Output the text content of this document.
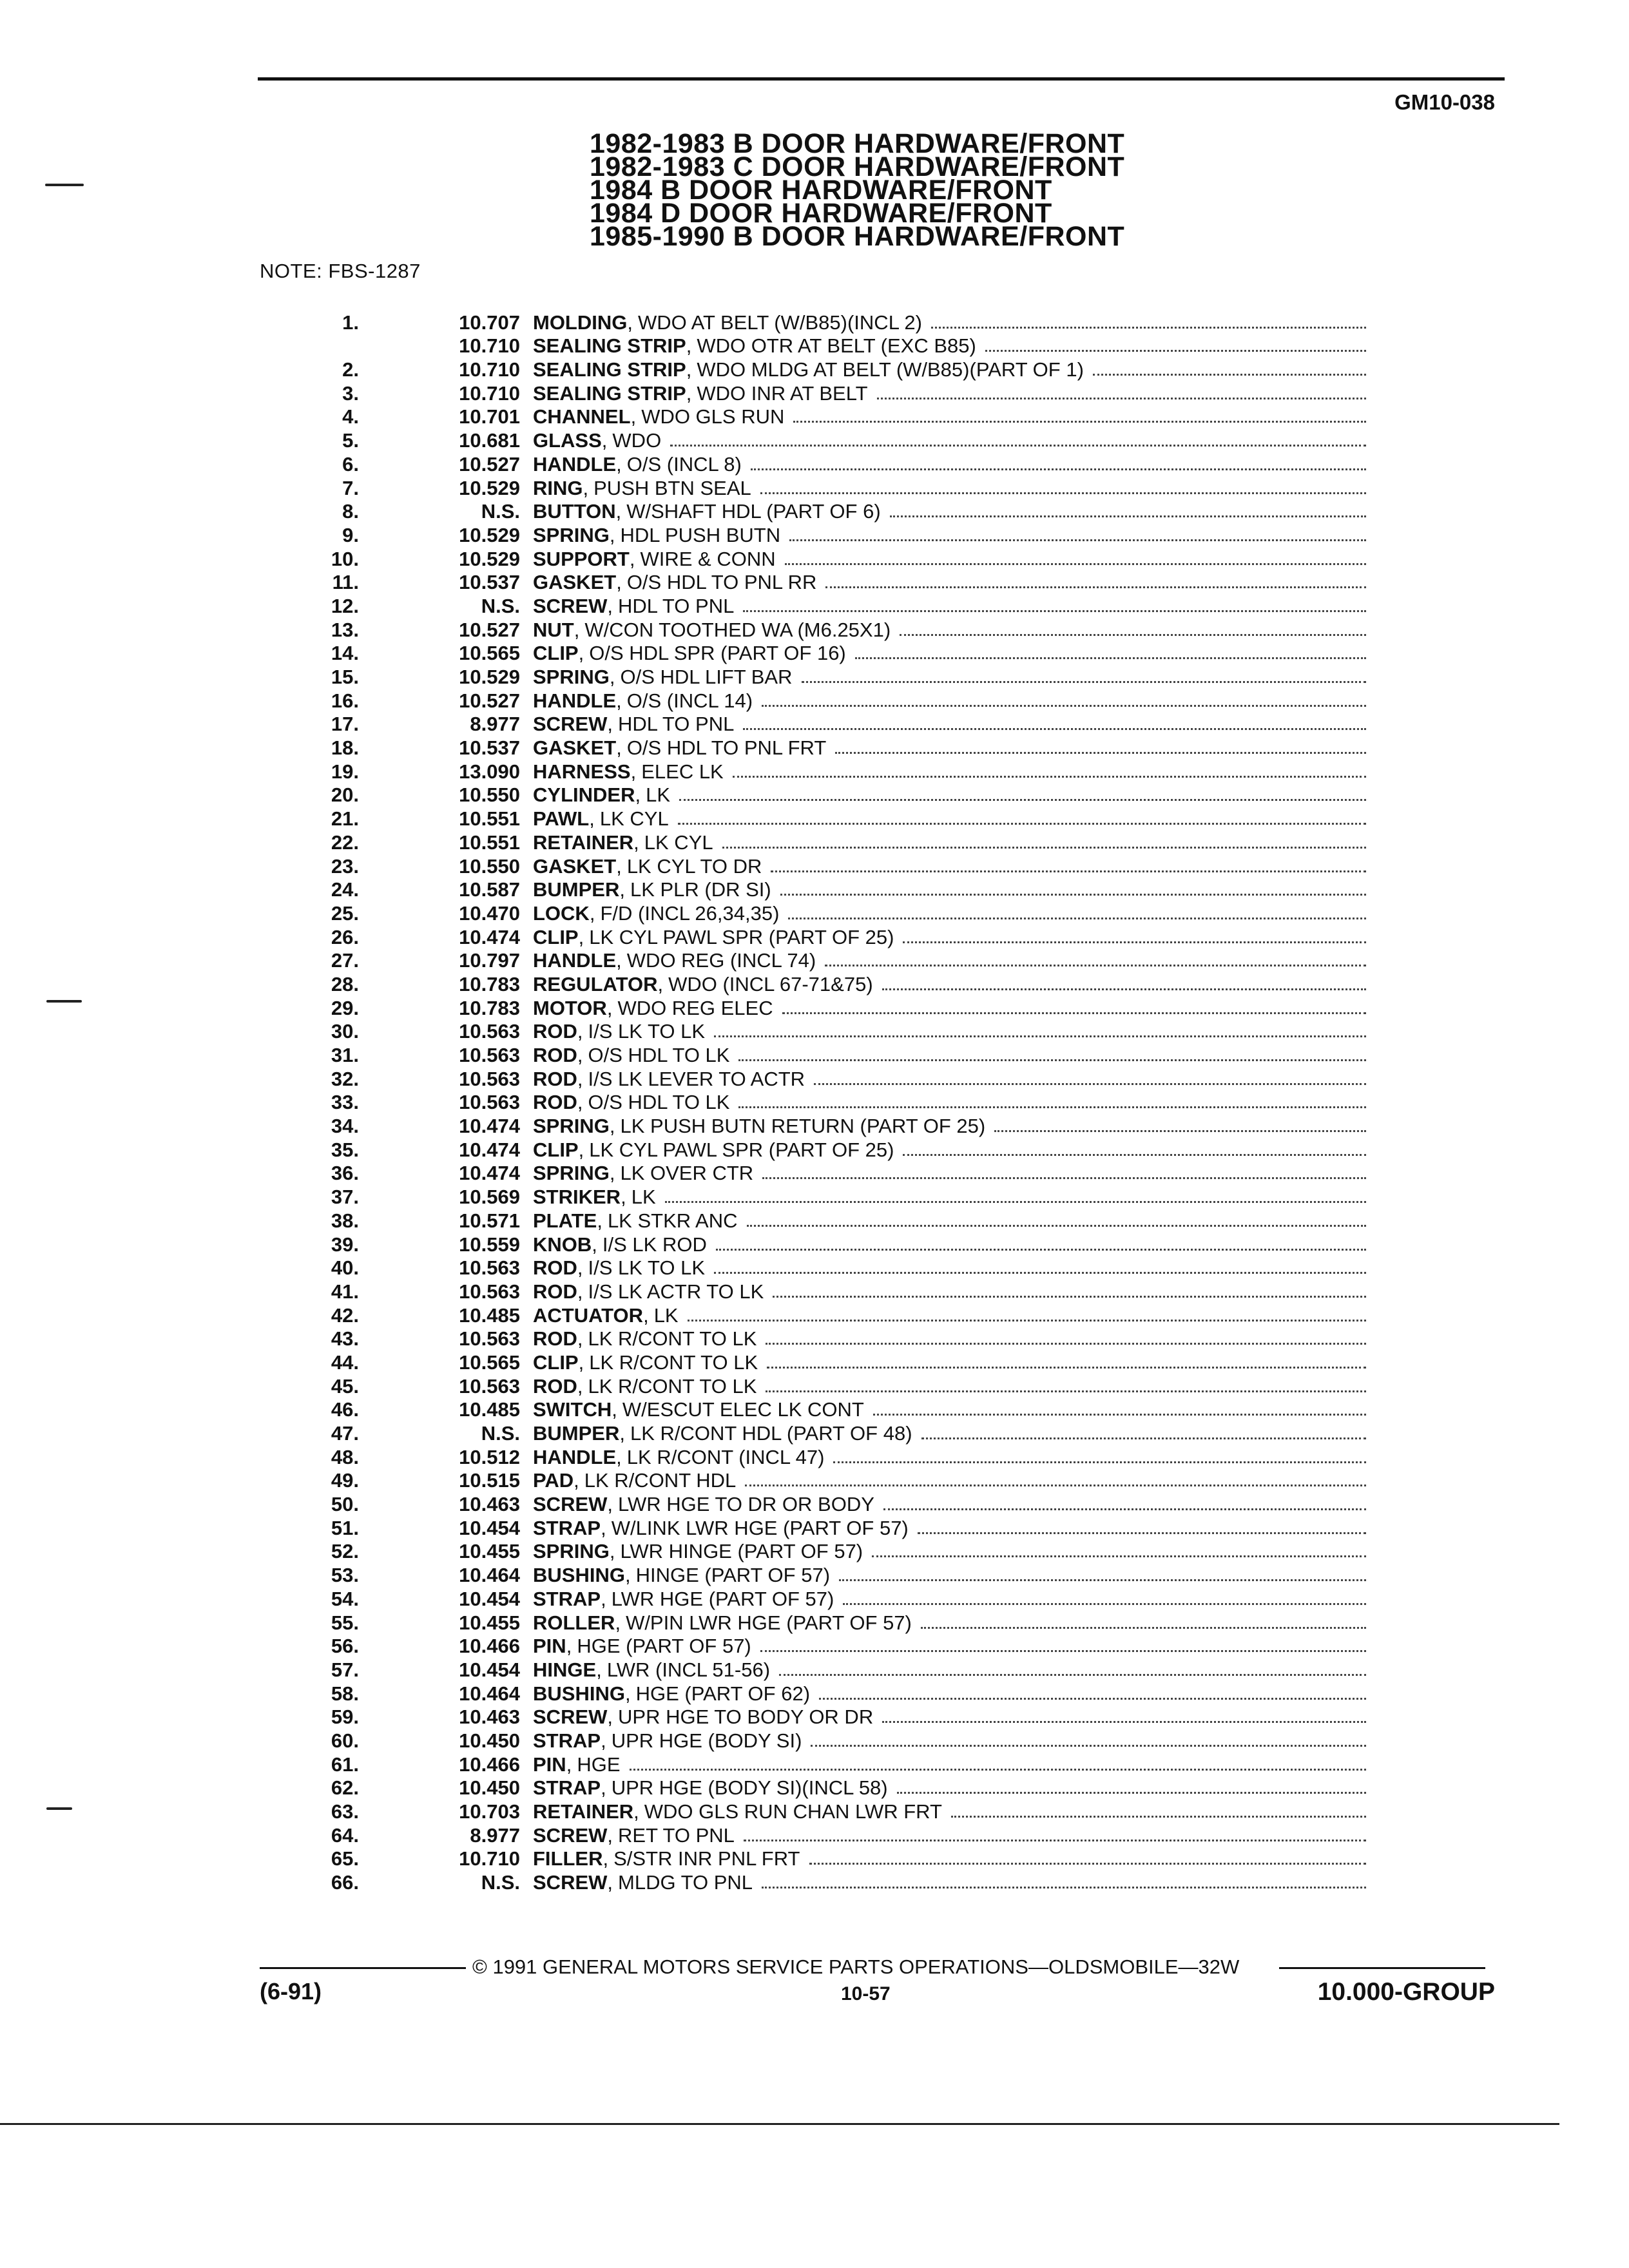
GM10-038
1982-1983 B DOOR HARDWARE/FRONT
1982-1983 C DOOR HARDWARE/FRONT
1984 B DOOR HARDWARE/FRONT
1984 D DOOR HARDWARE/FRONT
1985-1990 B DOOR HARDWARE/FRONT
NOTE: FBS-1287
1.	10.707 MOLDING , WDO AT BELT (W/B85)(INCL 2)
10.710 SEALING STRIP , WDO OTR AT BELT (EXC B85)
2.	10.710 SEALING STRIP , WDO MLDG AT BELT (W/B85)(PART OF 1)
3.	10.710 SEALING STRIP , WDO INR AT BELT
4.	10.701 CHANNEL , WDO GLS RUN
5.	10.681 GLASS , WDO
6.	10.527 HANDLE , O/S (INCL 8)
7.	10.529 RING , PUSH BTN SEAL
8.	N.S. BUTTON , W/SHAFT HDL (PART OF 6)
9.	10.529 SPRING , HDL PUSH BUTN
10.	10.529 SUPPORT , WIRE & CONN
11.	10.537 GASKET , O/S HDL TO PNL RR
12.	N.S. SCREW , HDL TO PNL
13.	10.527 NUT , W/CON TOOTHED WA (M6.25X1)
14.	10.565 CLIP , O/S HDL SPR (PART OF 16)
15.	10.529 SPRING , O/S HDL LIFT BAR
16.	10.527 HANDLE , O/S (INCL 14)
17.	8.977 SCREW , HDL TO PNL
18.	10.537 GASKET , O/S HDL TO PNL FRT
19.	13.090 HARNESS , ELEC LK
20.	10.550 CYLINDER , LK
21.	10.551 PAWL , LK CYL
22.	10.551 RETAINER , LK CYL
23.	10.550 GASKET , LK CYL TO DR
24.	10.587 BUMPER , LK PLR (DR SI)
25.	10.470 LOCK , F/D (INCL 26,34,35)
26.	10.474 CLIP , LK CYL PAWL SPR (PART OF 25)
27.	10.797 HANDLE , WDO REG (INCL 74)
28.	10.783 REGULATOR , WDO (INCL 67-71&75)
29.	10.783 MOTOR , WDO REG ELEC
30.	10.563 ROD , I/S LK TO LK
31.	10.563 ROD , O/S HDL TO LK
32.	10.563 ROD , I/S LK LEVER TO ACTR
33.	10.563 ROD , O/S HDL TO LK
34.	10.474 SPRING , LK PUSH BUTN RETURN (PART OF 25)
35.	10.474 CLIP , LK CYL PAWL SPR (PART OF 25)
36.	10.474 SPRING , LK OVER CTR
37.	10.569 STRIKER , LK
38.	10.571 PLATE , LK STKR ANC
39.	10.559 KNOB , I/S LK ROD
40.	10.563 ROD , I/S LK TO LK
41.	10.563 ROD , I/S LK ACTR TO LK
42.	10.485 ACTUATOR , LK
43.	10.563 ROD , LK R/CONT TO LK
44.	10.565 CLIP , LK R/CONT TO LK
45.	10.563 ROD , LK R/CONT TO LK
46.	10.485 SWITCH , W/ESCUT ELEC LK CONT
47.	N.S. BUMPER , LK R/CONT HDL (PART OF 48)
48.	10.512 HANDLE , LK R/CONT (INCL 47)
49.	10.515 PAD , LK R/CONT HDL
50.	10.463 SCREW , LWR HGE TO DR OR BODY
51.	10.454 STRAP , W/LINK LWR HGE (PART OF 57)
52.	10.455 SPRING , LWR HINGE (PART OF 57)
53.	10.464 BUSHING , HINGE (PART OF 57)
54.	10.454 STRAP , LWR HGE (PART OF 57)
55.	10.455 ROLLER , W/PIN LWR HGE (PART OF 57)
56.	10.466 PIN , HGE (PART OF 57)
57.	10.454 HINGE , LWR (INCL 51-56)
58.	10.464 BUSHING , HGE (PART OF 62)
59.	10.463 SCREW , UPR HGE TO BODY OR DR
60.	10.450 STRAP , UPR HGE (BODY SI)
61.	10.466 PIN , HGE
62.	10.450 STRAP , UPR HGE (BODY SI)(INCL 58)
63.	10.703 RETAINER , WDO GLS RUN CHAN LWR FRT
64.	8.977 SCREW , RET TO PNL
65.	10.710 FILLER , S/STR INR PNL FRT
66.	N.S. SCREW , MLDG TO PNL
© 1991 GENERAL MOTORS SERVICE PARTS OPERATIONS—OLDSMOBILE—32W
(6-91)	10-57	10.000-GROUP
